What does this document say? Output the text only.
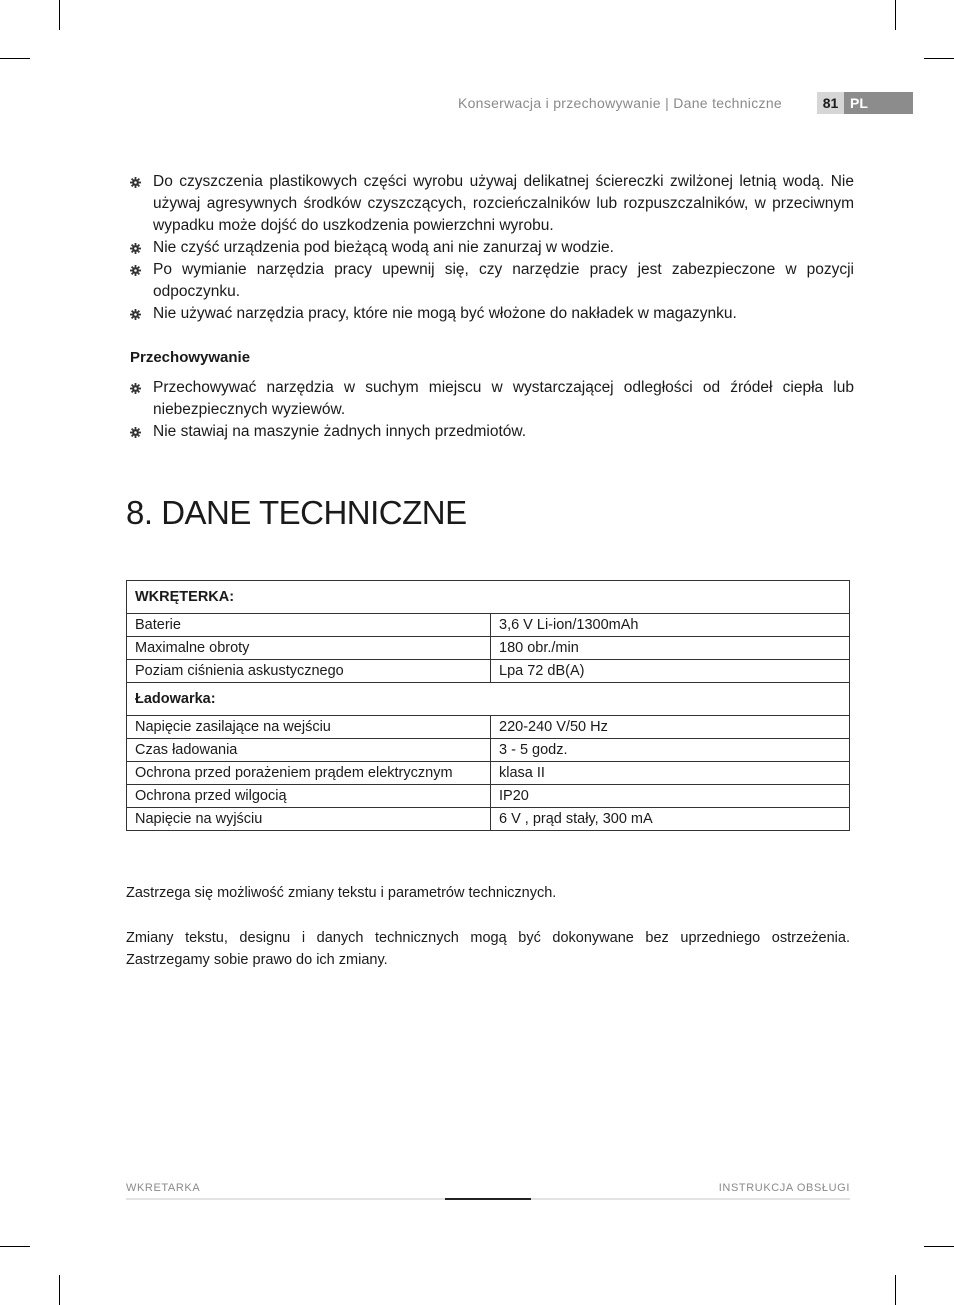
Konserwacja i przechowywanie | Dane techniczne	81 PL
Do czyszczenia plastikowych części wyrobu używaj delikatnej ściereczki zwilżonej letnią wodą. Nie używaj agresywnych środków czyszczących, rozcieńczalników lub rozpuszczalników, w przeciwnym wypadku może dojść do uszkodzenia powierzchni wyrobu.
Nie czyść urządzenia pod bieżącą wodą ani nie zanurzaj w wodzie.
Po wymianie narzędzia pracy upewnij się, czy narzędzie pracy jest zabezpieczone w pozycji odpoczynku.
Nie używać narzędzia pracy, które nie mogą być włożone do nakładek w magazynku.
Przechowywanie
Przechowywać narzędzia w suchym miejscu w wystarczającej odległości od źródeł ciepła lub niebezpiecznych wyziewów.
Nie stawiaj na maszynie żadnych innych przedmiotów.
8. DANE TECHNICZNE
WKRĘTERKA:	
Baterie	3,6 V Li-ion/1300mAh
Maximalne obroty	180 obr./min
Poziam ciśnienia askustycznego	Lpa 72 dB(A)
Ładowarka:	
Napięcie zasilające na wejściu	220-240 V/50 Hz
Czas ładowania	3 - 5 godz.
Ochrona przed porażeniem prądem elektrycznym	klasa II
Ochrona przed wilgocią	IP20
Napięcie na wyjściu	6 V , prąd stały, 300 mA
Zastrzega się możliwość zmiany tekstu i parametrów technicznych.
Zmiany tekstu, designu i danych technicznych mogą być dokonywane bez uprzedniego ostrzeżenia. Zastrzegamy sobie prawo do ich zmiany.
WKRETARKA	INSTRUKCJA OBSŁUGI
